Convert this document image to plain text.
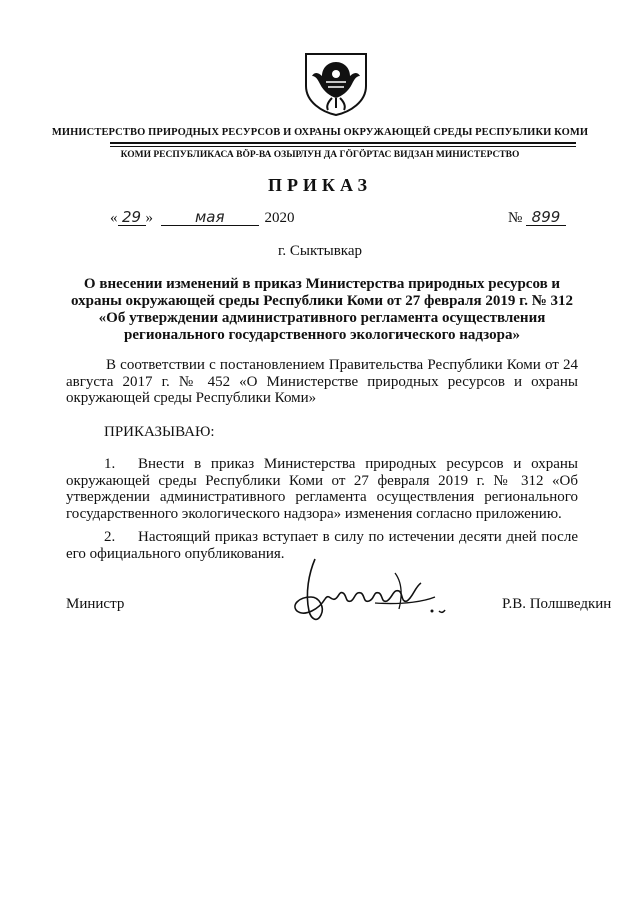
МИНИСТЕРСТВО ПРИРОДНЫХ РЕСУРСОВ И ОХРАНЫ ОКРУЖАЮЩЕЙ СРЕДЫ РЕСПУБЛИКИ КОМИ
КОМИ РЕСПУБЛИКАСА ВӦР-ВА ОЗЫРЛУН ДА ГӦГӦРТАС ВИДЗАН МИНИСТЕРСТВО
ПРИКАЗ
« 29 »	мая	2020	№ 899
г. Сыктывкар
О внесении изменений в приказ Министерства природных ресурсов и охраны окружающей среды Республики Коми от 27 февраля 2019 г. № 312 «Об утверждении административного регламента осуществления регионального государственного экологического надзора»
В соответствии с постановлением Правительства Республики Коми от 24 августа 2017 г. № 452 «О Министерстве природных ресурсов и охраны окружающей среды Республики Коми»
ПРИКАЗЫВАЮ:
1. Внести в приказ Министерства природных ресурсов и охраны окружающей среды Республики Коми от 27 февраля 2019 г. № 312 «Об утверждении административного регламента осуществления регионального государственного экологического надзора» изменения согласно приложению.
2. Настоящий приказ вступает в силу по истечении десяти дней после его официального опубликования.
Министр	Р.В. Полшведкин
